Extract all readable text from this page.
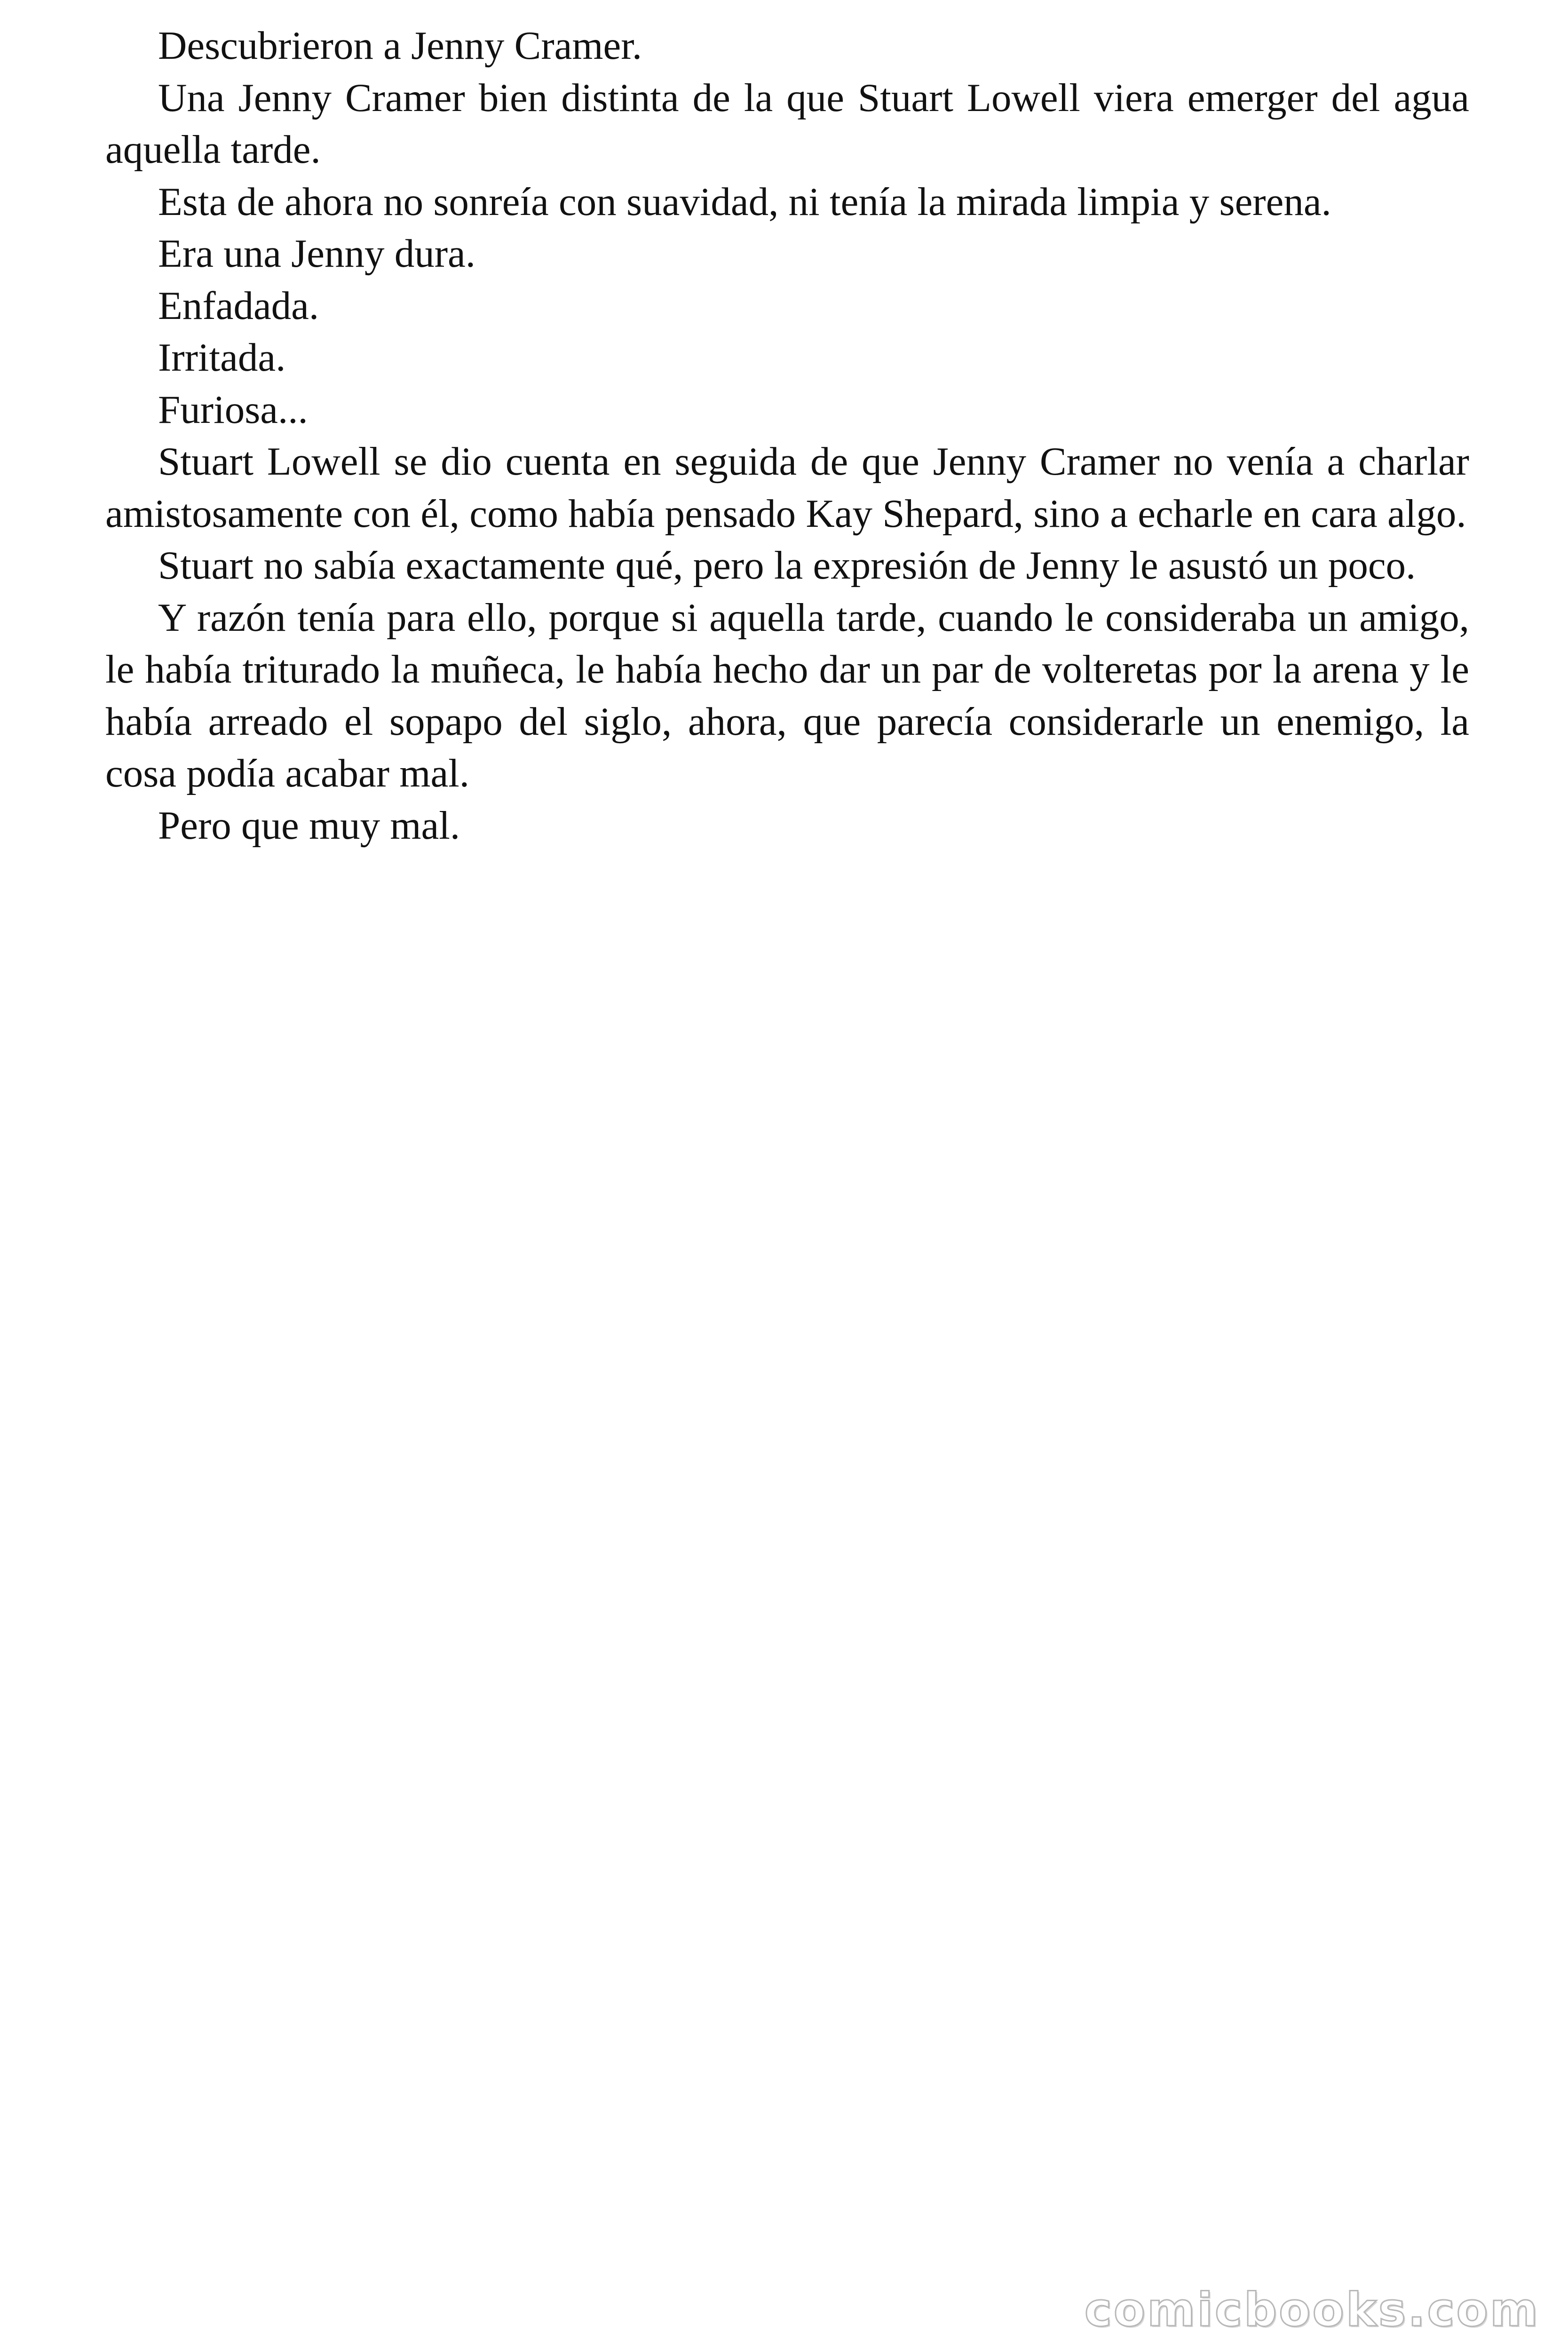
Descubrieron a Jenny Cramer.

Una Jenny Cramer bien distinta de la que Stuart Lowell viera emerger del agua aquella tarde.

Esta de ahora no sonreía con suavidad, ni tenía la mirada limpia y serena.

Era una Jenny dura.

Enfadada.

Irritada.

Furiosa...

Stuart Lowell se dio cuenta en seguida de que Jenny Cramer no venía a charlar amistosamente con él, como había pensado Kay Shepard, sino a echarle en cara algo.

Stuart no sabía exactamente qué, pero la expresión de Jenny le asustó un poco.

Y razón tenía para ello, porque si aquella tarde, cuando le consideraba un amigo, le había triturado la muñeca, le había hecho dar un par de volteretas por la arena y le había arreado el sopapo del siglo, ahora, que parecía considerarle un enemigo, la cosa podía acabar mal.

Pero que muy mal.

comicbooks.com
